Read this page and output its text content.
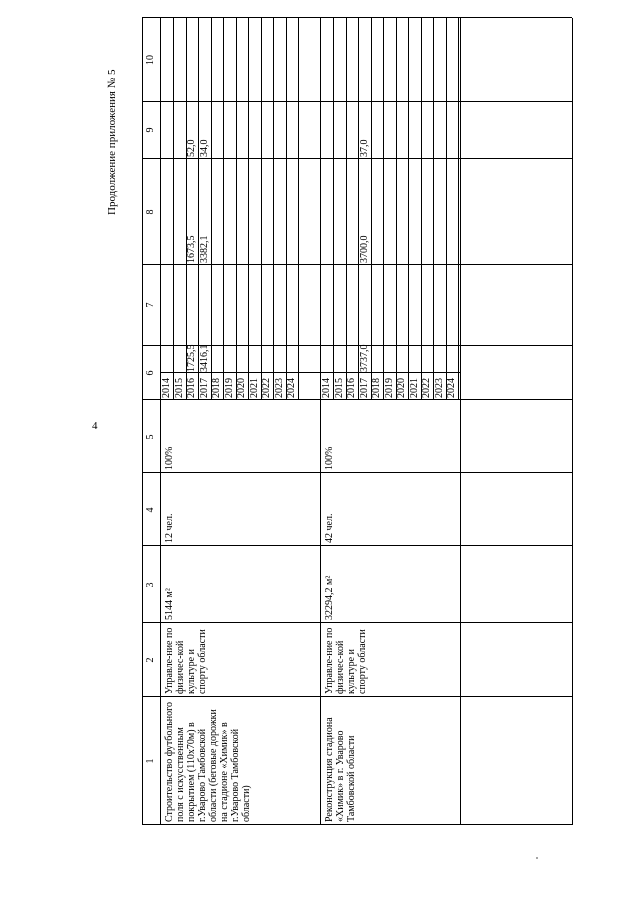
4
Продолжение приложения № 5
1
2
3
4
5
6
7
8
9
10
Строительство футбольного поля с искусственным покрытием (110х70м) в г.Уварово Тамбовской области (беговые дорожки на стадионе «Химик» в г.Уварово Тамбовской области)
Управле-ние по физичес-кой культуре и спорту области
5144 м²
12 чел.
100%
Реконструкция стадиона «Химик» в г. Уварово Тамбовской области
Управле-ние по физичес-кой культуре и спорту области
32294,2 м²
42 чел.
100%
2014 2015 2016
1725,5
1673,5
52,0
2017
3416,1
3382,1
34,0
2018 2019 2020 2021 2022 2023 2024 2014 2015 2016 2017
3737,0
3700,0
37,0
2018 2019 2020 2021 2022 2023 2024
